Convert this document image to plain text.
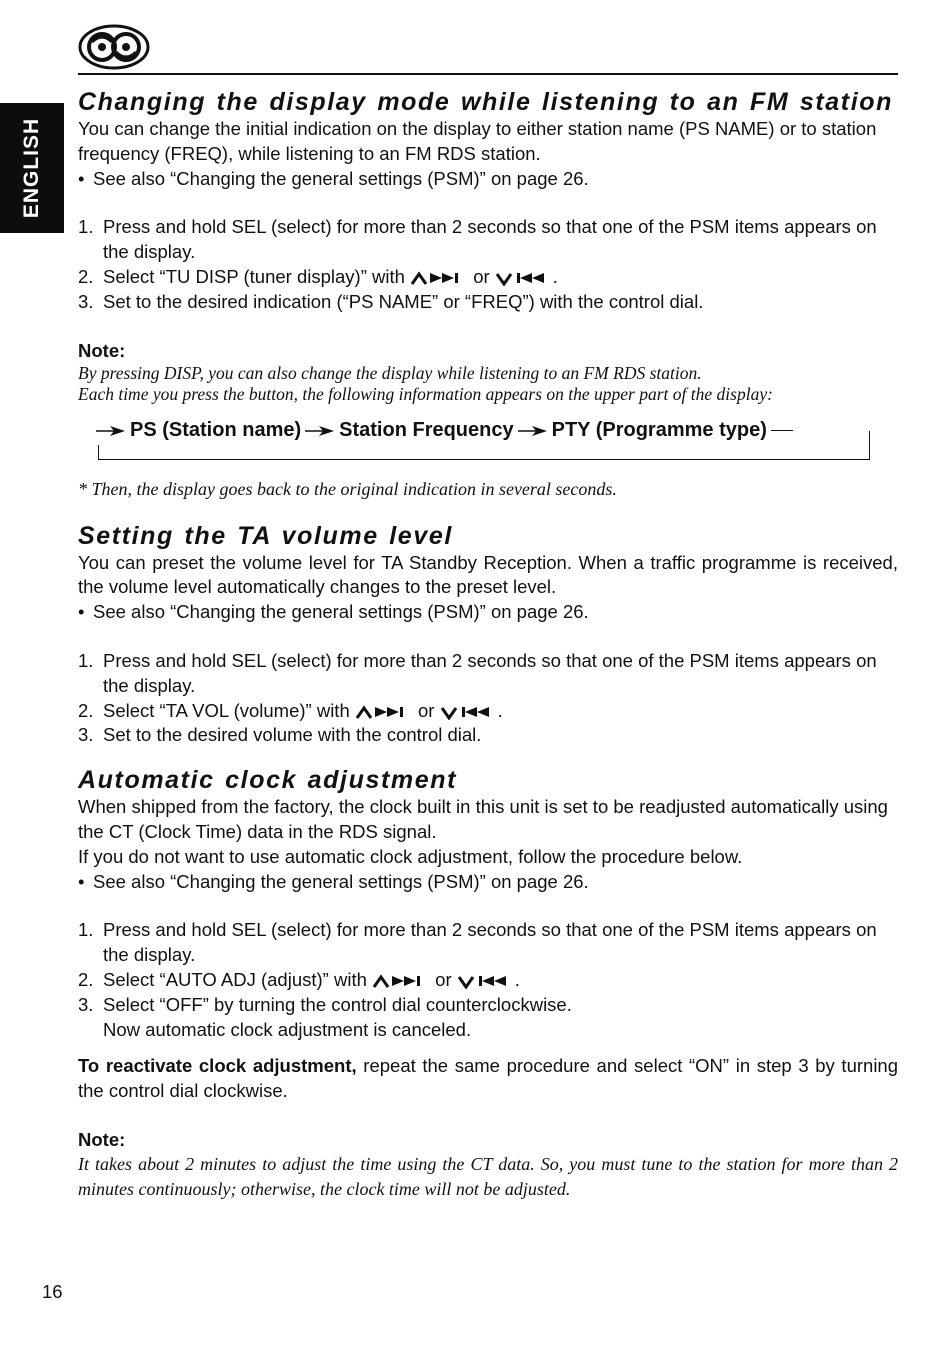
ENGLISH
Changing the display mode while listening to an FM station

You can change the initial indication on the display to either station name (PS NAME) or to station frequency (FREQ), while listening to an FM RDS station.

• See also “Changing the general settings (PSM)” on page 26.

1. Press and hold SEL (select) for more than 2 seconds so that one of the PSM items appears on the display.
2. Select “TU DISP (tuner display)” with	or	.
3. Set to the desired indication (“PS NAME” or “FREQ”) with the control dial.

Note:

By pressing DISP, you can also change the display while listening to an FM RDS station.

Each time you press the button, the following information appears on the upper part of the display:

PS (Station name) Station Frequency PTY (Programme type)

* Then, the display goes back to the original indication in several seconds.

Setting the TA volume level

You can preset the volume level for TA Standby Reception. When a traffic programme is received, the volume level automatically changes to the preset level.

• See also “Changing the general settings (PSM)” on page 26.

1. Press and hold SEL (select) for more than 2 seconds so that one of the PSM items appears on the display.
2. Select “TA VOL (volume)” with	or	.
3. Set to the desired volume with the control dial.
Automatic clock adjustment

When shipped from the factory, the clock built in this unit is set to be readjusted automatically using the CT (Clock Time) data in the RDS signal.

If you do not want to use automatic clock adjustment, follow the procedure below.

• See also “Changing the general settings (PSM)” on page 26.

1. Press and hold SEL (select) for more than 2 seconds so that one of the PSM items appears on the display.
2. Select “AUTO ADJ (adjust)” with	or	.
3. Select “OFF” by turning the control dial counterclockwise.
Now automatic clock adjustment is canceled.

To reactivate clock adjustment, repeat the same procedure and select “ON” in step 3 by turning the control dial clockwise.

Note:

It takes about 2 minutes to adjust the time using the CT data. So, you must tune to the station for more than 2 minutes continuously; otherwise, the clock time will not be adjusted.

16
